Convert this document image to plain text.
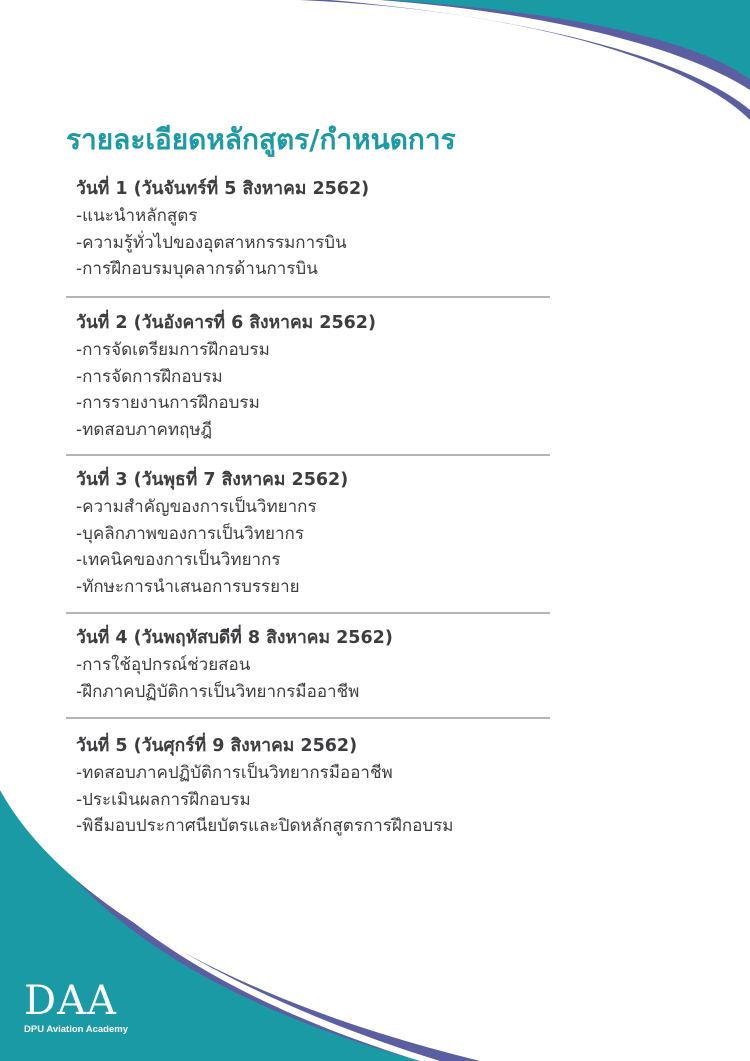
รายละเอียดหลักสูตร/กำหนดการ
วันที่ 1 (วันจันทร์ที่ 5 สิงหาคม 2562)
-แนะนำหลักสูตร
-ความรู้ทั่วไปของอุตสาหกรรมการบิน
-การฝึกอบรมบุคลากรด้านการบิน
วันที่ 2 (วันอังคารที่ 6 สิงหาคม 2562)
-การจัดเตรียมการฝึกอบรม
-การจัดการฝึกอบรม
-การรายงานการฝึกอบรม
-ทดสอบภาคทฤษฎี
วันที่ 3 (วันพุธที่ 7 สิงหาคม 2562)
-ความสำคัญของการเป็นวิทยากร
-บุคลิกภาพของการเป็นวิทยากร
-เทคนิคของการเป็นวิทยากร
-ทักษะการนำเสนอการบรรยาย
วันที่ 4 (วันพฤหัสบดีที่ 8 สิงหาคม 2562)
-การใช้อุปกรณ์ช่วยสอน
-ฝึกภาคปฏิบัติการเป็นวิทยากรมืออาชีพ
วันที่ 5 (วันศุกร์ที่ 9 สิงหาคม 2562)
-ทดสอบภาคปฏิบัติการเป็นวิทยากรมืออาชีพ
-ประเมินผลการฝึกอบรม
-พิธีมอบประกาศนียบัตรและปิดหลักสูตรการฝึกอบรม
DAA
DPU Aviation Academy
